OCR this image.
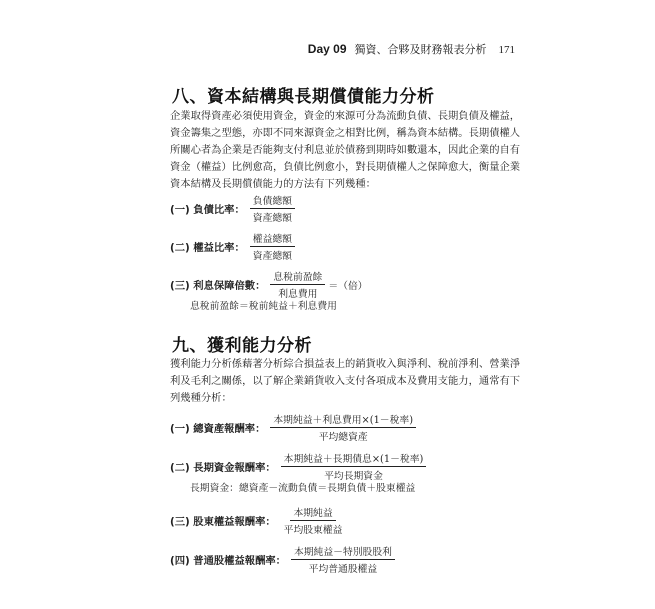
Day 09 獨資、合夥及財務報表分析 171
八、資本結構與長期償債能力分析
企業取得資產必須使用資金，資金的來源可分為流動負債、長期負債及權益，
資金籌集之型態，亦即不同來源資金之相對比例，稱為資本結構。長期債權人
所關心者為企業是否能夠支付利息並於債務到期時如數還本，因此企業的自有
資金（權益）比例愈高，負債比例愈小，對長期債權人之保障愈大，衡量企業
資本結構及長期償債能力的方法有下列幾種：
(一) 負債比率： $\frac{\text{負債總額}}{\text{資產總額}}$
(二) 權益比率： $\frac{\text{權益總額}}{\text{資產總額}}$
(三) 利息保障倍數： $\frac{\text{息稅前盈餘}}{\text{利息費用}}$ ＝（倍）
息稅前盈餘＝稅前純益＋利息費用
九、獲利能力分析
獲利能力分析係藉著分析綜合損益表上的銷貨收入與淨利、稅前淨利、營業淨
利及毛利之關係，以了解企業銷貨收入支付各項成本及費用支能力，通常有下
列幾種分析：
(一) 總資產報酬率： $\frac{\text{本期純益＋利息費用×(1－稅率)}}{\text{平均總資產}}$
(二) 長期資金報酬率： $\frac{\text{本期純益＋長期債息×(1－稅率)}}{\text{平均長期資金}}$
長期資金：總資產－流動負債＝長期負債＋股東權益
(三) 股東權益報酬率： $\frac{\text{本期純益}}{\text{平均股東權益}}$
(四) 普通股權益報酬率： $\frac{\text{本期純益－特別股股利}}{\text{平均普通股權益}}$
